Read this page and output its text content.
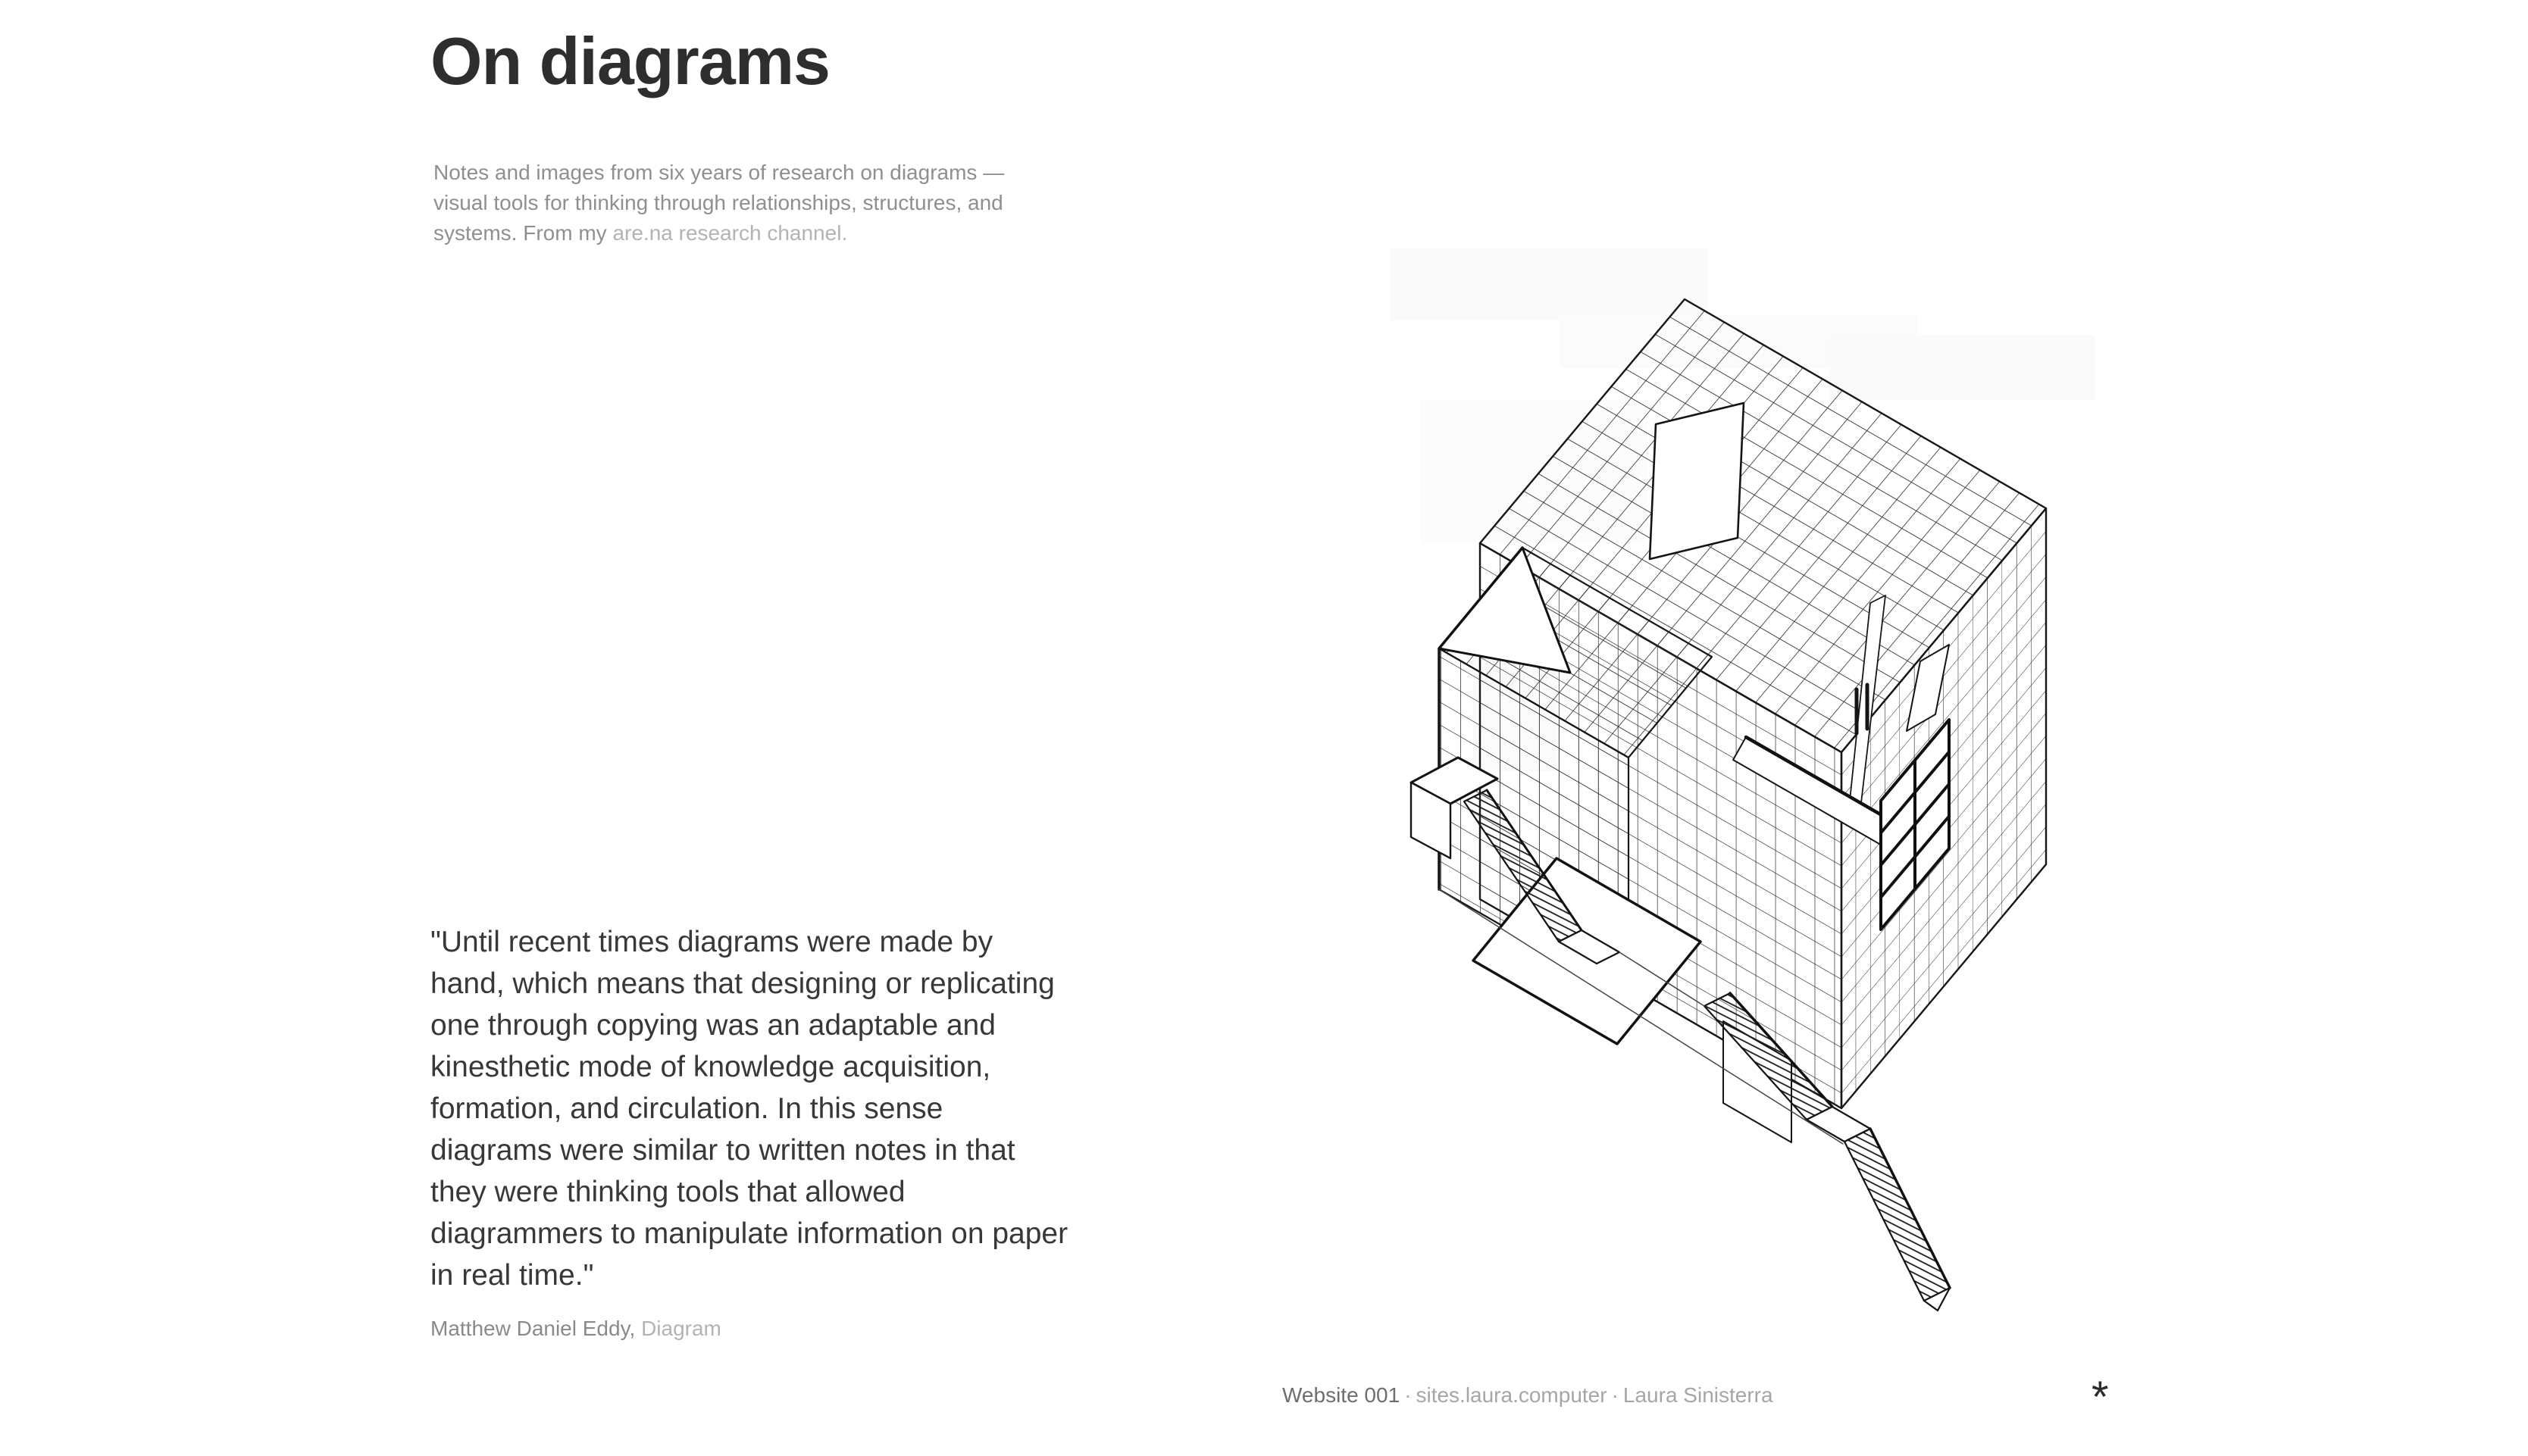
On diagrams

Notes and images from six years of research on diagrams — visual tools for thinking through relationships, structures, and systems. From my are.na research channel.

"Until recent times diagrams were made by hand, which means that designing or replicating one through copying was an adaptable and kinesthetic mode of knowledge acquisition, formation, and circulation. In this sense diagrams were similar to written notes in that they were thinking tools that allowed diagrammers to manipulate information on paper in real time."
Matthew Daniel Eddy, Diagram
Website 001 · sites.laura.computer · Laura Sinisterra	*
